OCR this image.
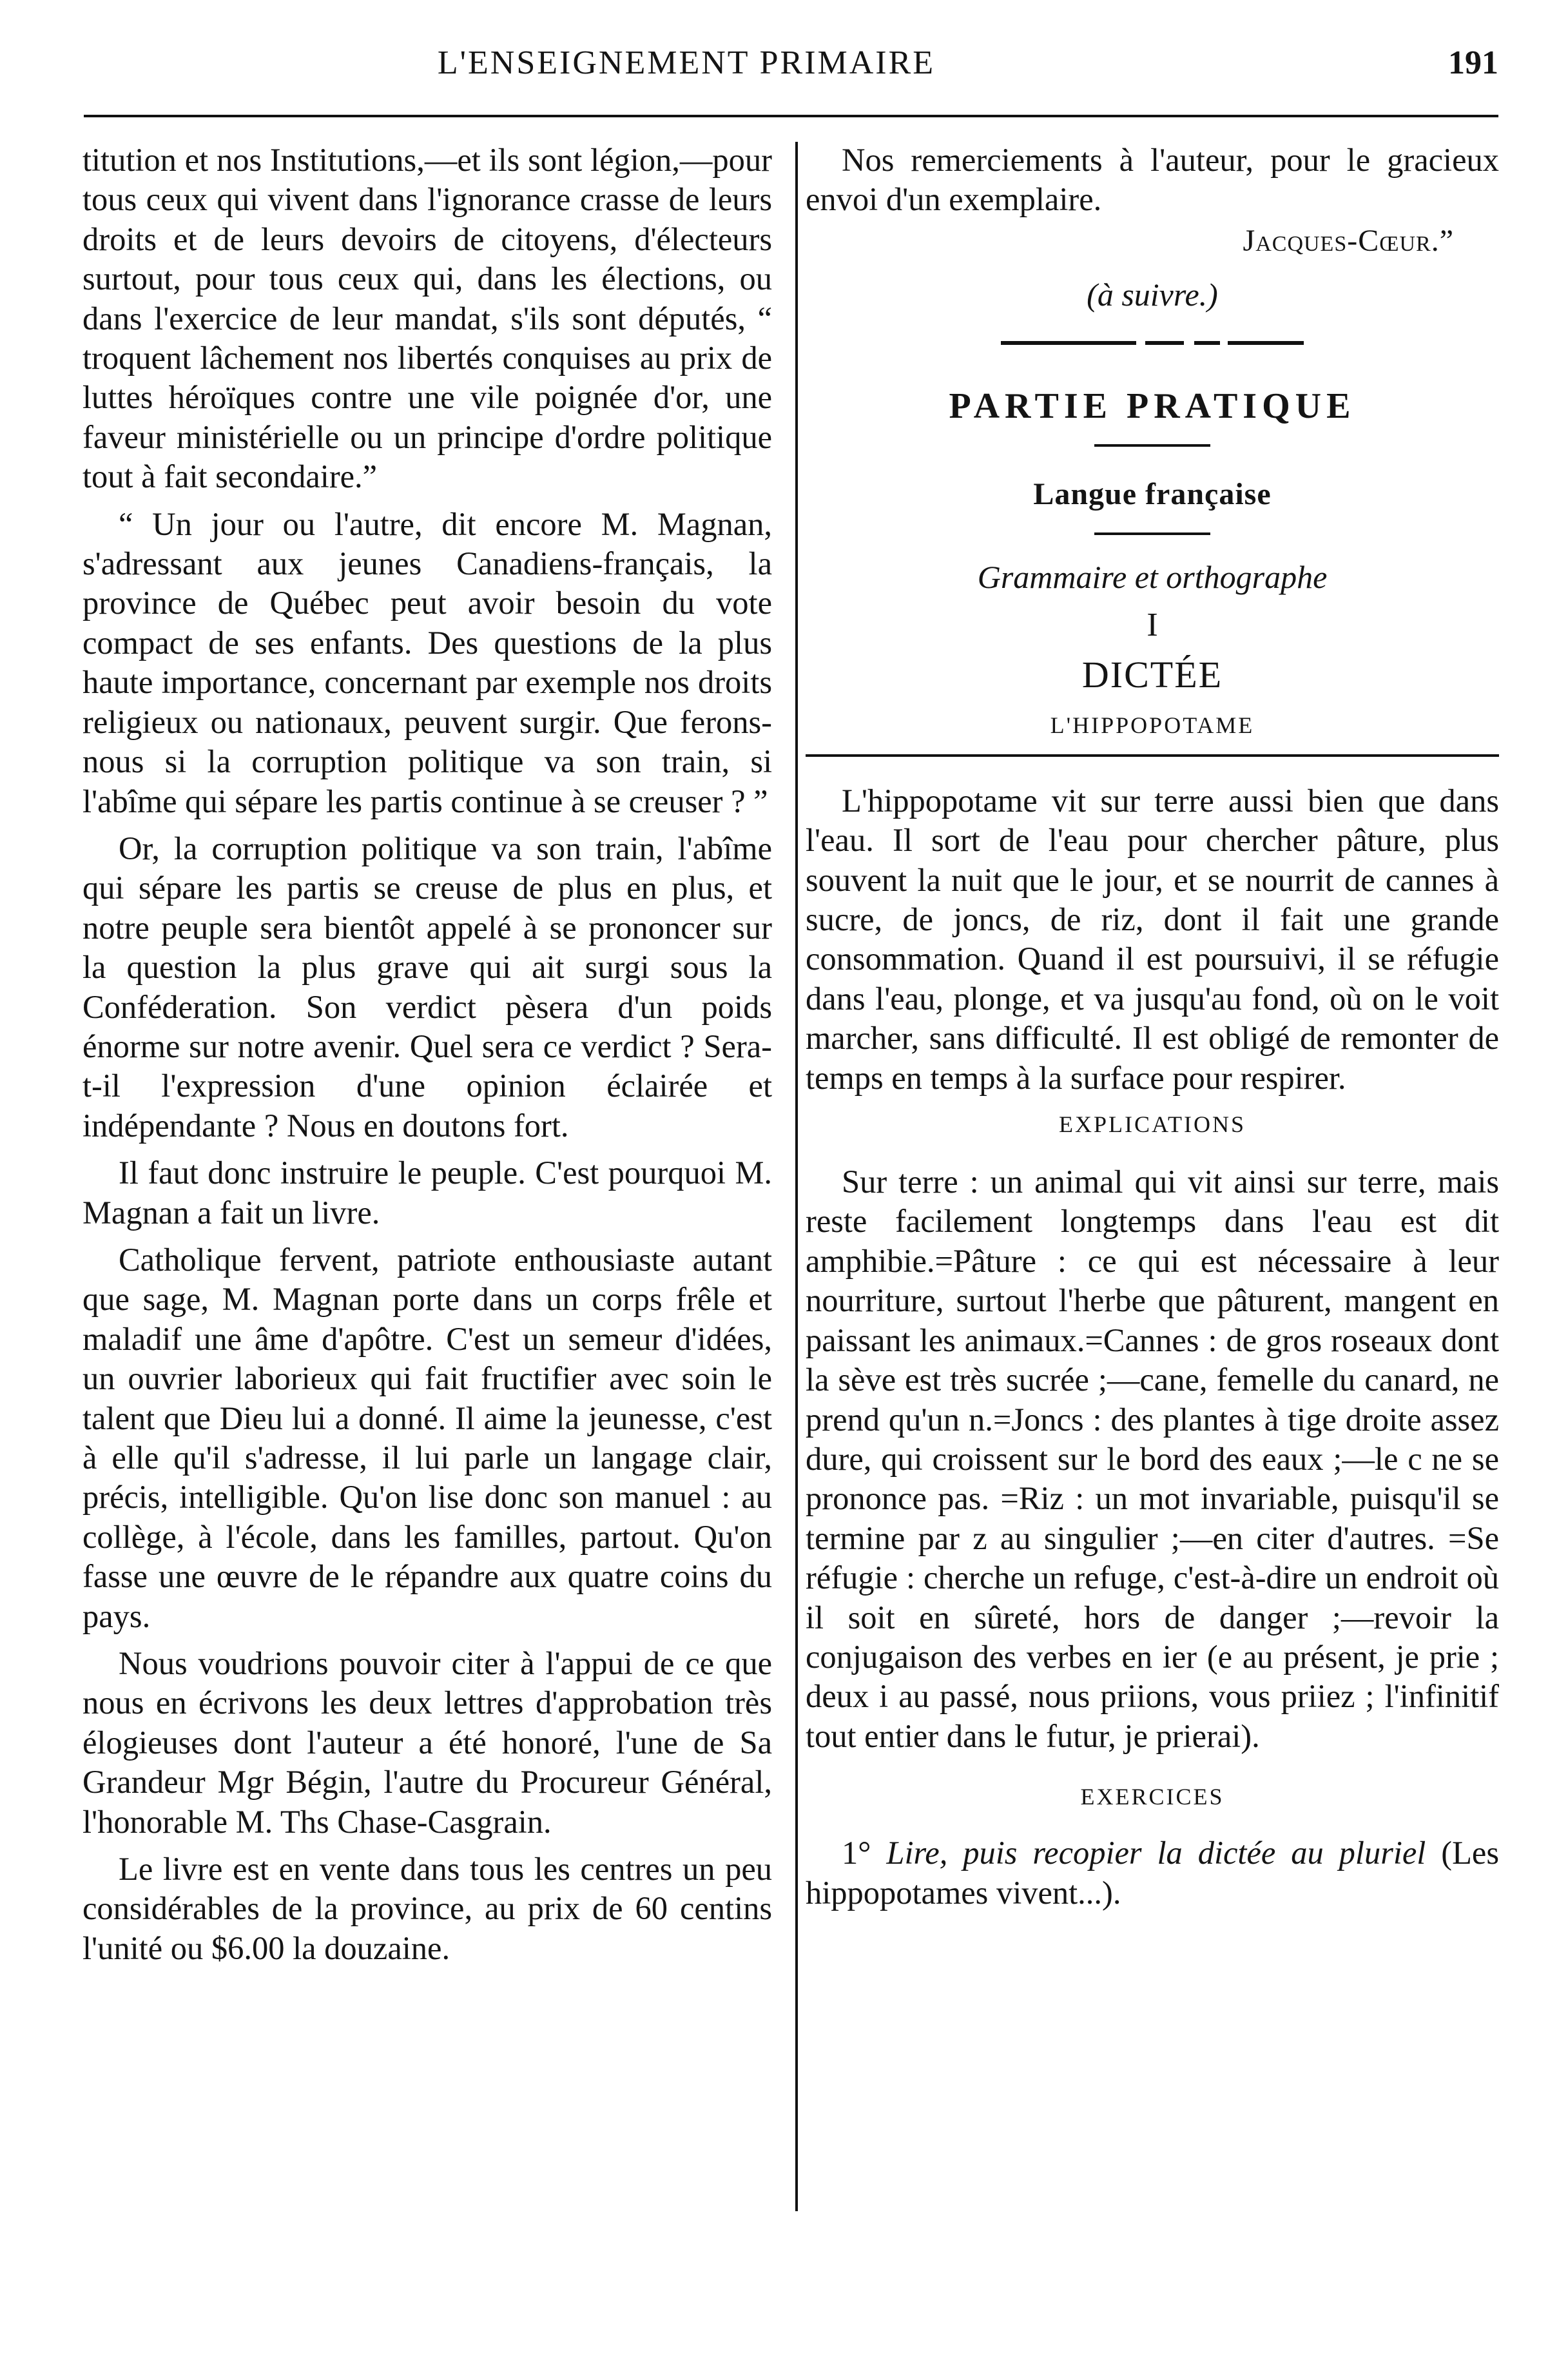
L'ENSEIGNEMENT PRIMAIRE	191

titution et nos Institutions,—et ils sont légion,—pour tous ceux qui vivent dans l'ignorance crasse de leurs droits et de leurs devoirs de citoyens, d'électeurs surtout, pour tous ceux qui, dans les élections, ou dans l'exercice de leur mandat, s'ils sont députés, “ troquent lâchement nos libertés conquises au prix de luttes héroïques contre une vile poignée d'or, une faveur ministérielle ou un principe d'ordre politique tout à fait secondaire.”

“ Un jour ou l'autre, dit encore M. Magnan, s'adressant aux jeunes Canadiens-français, la province de Québec peut avoir besoin du vote compact de ses enfants. Des questions de la plus haute importance, concernant par exemple nos droits religieux ou nationaux, peuvent surgir. Que ferons-nous si la corruption politique va son train, si l'abîme qui sépare les partis continue à se creuser ? ”

Or, la corruption politique va son train, l'abîme qui sépare les partis se creuse de plus en plus, et notre peuple sera bientôt appelé à se prononcer sur la question la plus grave qui ait surgi sous la Conféderation. Son verdict pèsera d'un poids énorme sur notre avenir. Quel sera ce verdict ? Sera-t-il l'expression d'une opinion éclairée et indépendante ? Nous en doutons fort.

Il faut donc instruire le peuple. C'est pourquoi M. Magnan a fait un livre.

Catholique fervent, patriote enthousiaste autant que sage, M. Magnan porte dans un corps frêle et maladif une âme d'apôtre. C'est un semeur d'idées, un ouvrier laborieux qui fait fructifier avec soin le talent que Dieu lui a donné. Il aime la jeunesse, c'est à elle qu'il s'adresse, il lui parle un langage clair, précis, intelligible. Qu'on lise donc son manuel : au collège, à l'école, dans les familles, partout. Qu'on fasse une œuvre de le répandre aux quatre coins du pays.

Nous voudrions pouvoir citer à l'appui de ce que nous en écrivons les deux lettres d'approbation très élogieuses dont l'auteur a été honoré, l'une de Sa Grandeur Mgr Bégin, l'autre du Procureur Général, l'honorable M. Ths Chase-Casgrain.

Le livre est en vente dans tous les centres un peu considérables de la province, au prix de 60 centins l'unité ou $6.00 la douzaine.

Nos remerciements à l'auteur, pour le gracieux envoi d'un exemplaire.

Jacques-Cœur.”
(à suivre.)
PARTIE PRATIQUE
Langue française
Grammaire et orthographe
I
DICTÉE
L'HIPPOPOTAME

L'hippopotame vit sur terre aussi bien que dans l'eau. Il sort de l'eau pour chercher pâture, plus souvent la nuit que le jour, et se nourrit de cannes à sucre, de joncs, de riz, dont il fait une grande consommation. Quand il est poursuivi, il se réfugie dans l'eau, plonge, et va jusqu'au fond, où on le voit marcher, sans difficulté. Il est obligé de remonter de temps en temps à la surface pour respirer.

EXPLICATIONS

Sur terre : un animal qui vit ainsi sur terre, mais reste facilement longtemps dans l'eau est dit amphibie.=Pâture : ce qui est nécessaire à leur nourriture, surtout l'herbe que pâturent, mangent en paissant les animaux.=Cannes : de gros roseaux dont la sève est très sucrée ;—cane, femelle du canard, ne prend qu'un n.=Joncs : des plantes à tige droite assez dure, qui croissent sur le bord des eaux ;—le c ne se prononce pas. =Riz : un mot invariable, puisqu'il se termine par z au singulier ;—en citer d'autres. =Se réfugie : cherche un refuge, c'est-à-dire un endroit où il soit en sûreté, hors de danger ;—revoir la conjugaison des verbes en ier (e au présent, je prie ; deux i au passé, nous priions, vous priiez ; l'infinitif tout entier dans le futur, je prierai).

EXERCICES
1° Lire, puis recopier la dictée au pluriel (Les hippopotames vivent...).
